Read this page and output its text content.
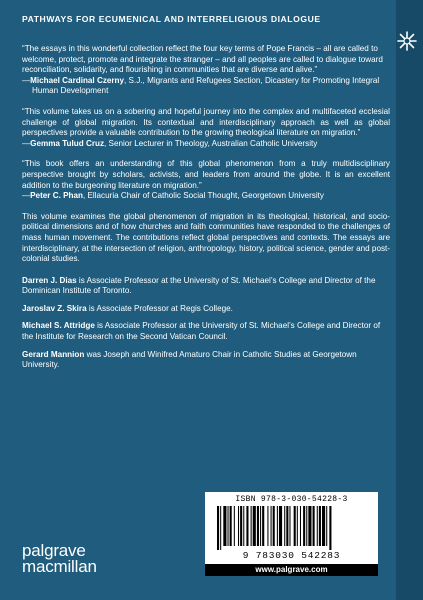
PATHWAYS FOR ECUMENICAL AND INTERRELIGIOUS DIALOGUE

“The essays in this wonderful collection reflect the four key terms of Pope Francis – all are called to welcome, protect, promote and integrate the stranger – and all peoples are called to dialogue toward reconciliation, solidarity, and flourishing in communities that are diverse and alive.”

—Michael Cardinal Czerny, S.J., Migrants and Refugees Section, Dicastery for Promoting Integral Human Development

“This volume takes us on a sobering and hopeful journey into the complex and multifaceted ecclesial challenge of global migration. Its contextual and interdisciplinary approach as well as global perspectives provide a valuable contribution to the growing theological literature on migration.”

—Gemma Tulud Cruz, Senior Lecturer in Theology, Australian Catholic University

“This book offers an understanding of this global phenomenon from a truly multidisciplinary perspective brought by scholars, activists, and leaders from around the globe. It is an excellent addition to the burgeoning literature on migration.”

—Peter C. Phan, Ellacuria Chair of Catholic Social Thought, Georgetown University

This volume examines the global phenomenon of migration in its theological, historical, and socio-political dimensions and of how churches and faith communities have responded to the challenges of mass human movement. The contributions reflect global perspectives and contexts. The essays are interdisciplinary, at the intersection of religion, anthropology, history, political science, gender and post-colonial studies.

Darren J. Dias is Associate Professor at the University of St. Michael’s College and Director of the Dominican Institute of Toronto.

Jaroslav Z. Skira is Associate Professor at Regis College.

Michael S. Attridge is Associate Professor at the University of St. Michael’s College and Director of the Institute for Research on the Second Vatican Council.

Gerard Mannion was Joseph and Winifred Amaturo Chair in Catholic Studies at Georgetown University.

palgrave
macmillan
ISBN 978-3-030-54228-3
9 783030 542283
www.palgrave.com
